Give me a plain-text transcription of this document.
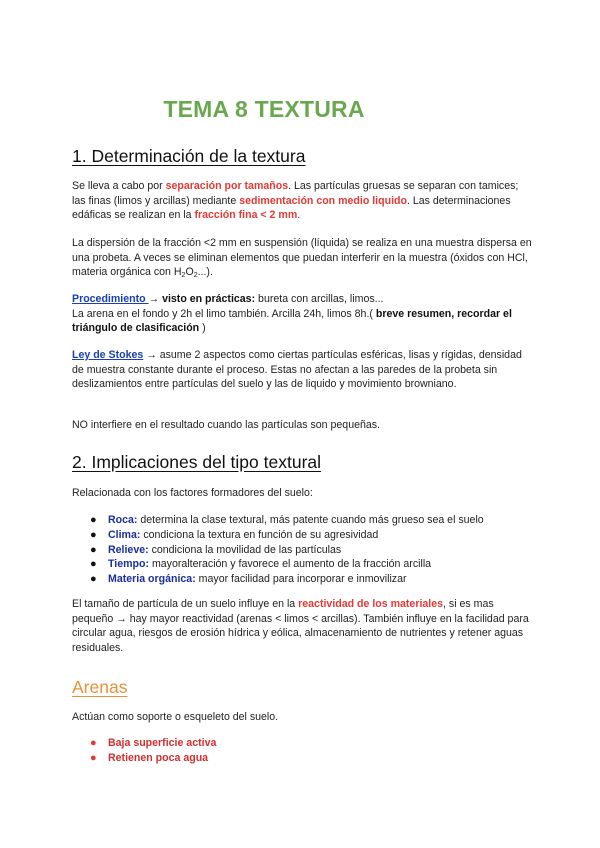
TEMA 8 TEXTURA
1. Determinación de la textura

Se lleva a cabo por separación por tamaños. Las partículas gruesas se separan con tamices; las finas (limos y arcillas) mediante sedimentación con medio liquido. Las determinaciones edáficas se realizan en la fracción fina < 2 mm.

La dispersión de la fracción <2 mm en suspensión (líquida) se realiza en una muestra dispersa en una probeta. A veces se eliminan elementos que puedan interferir en la muestra (óxidos con HCl, materia orgánica con $H_2O_2$...).

Procedimiento → visto en prácticas: bureta con arcillas, limos...
La arena en el fondo y 2h el limo también. Arcilla 24h, limos 8h.( breve resumen, recordar el triángulo de clasificación )

Ley de Stokes → asume 2 aspectos como ciertas partículas esféricas, lisas y rígidas, densidad de muestra constante durante el proceso. Estas no afectan a las paredes de la probeta sin deslizamientos entre partículas del suelo y las de liquido y movimiento browniano.

NO interfiere en el resultado cuando las partículas son pequeñas.

2. Implicaciones del tipo textural

Relacionada con los factores formadores del suelo:

● Roca: determina la clase textural, más patente cuando más grueso sea el suelo
● Clima: condiciona la textura en función de su agresividad
● Relieve: condiciona la movilidad de las partículas
● Tiempo: mayoralteración y favorece el aumento de la fracción arcilla
● Materia orgánica: mayor facilidad para incorporar e inmovilizar

El tamaño de partícula de un suelo influye en la reactividad de los materiales, si es mas pequeño → hay mayor reactividad (arenas < limos < arcillas). También influye en la facilidad para circular agua, riesgos de erosión hídrica y eólica, almacenamiento de nutrientes y retener aguas residuales.

Arenas

Actúan como soporte o esqueleto del suelo.

● Baja superficie activa
● Retienen poca agua
